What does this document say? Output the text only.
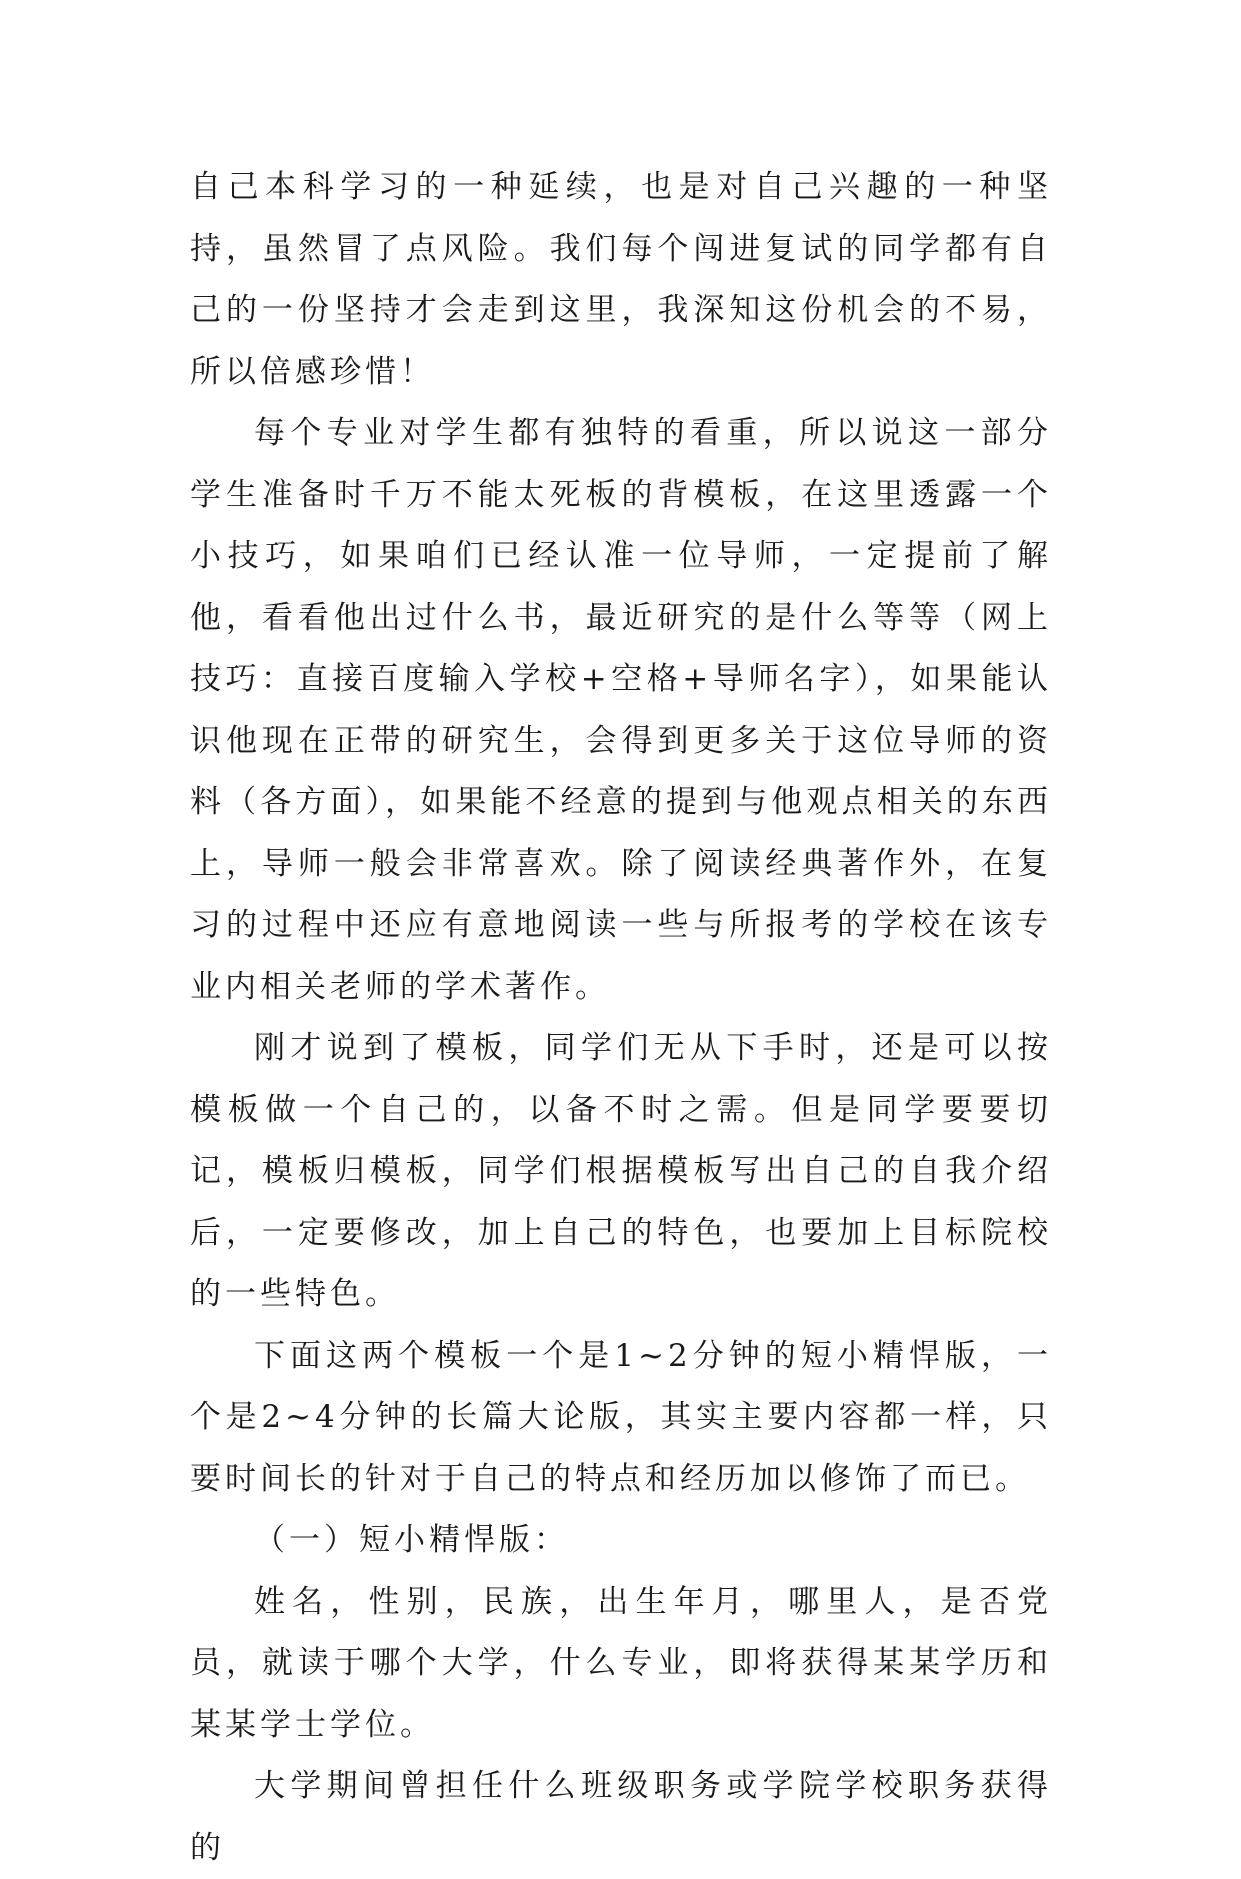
自己本科学习的一种延续，也是对自己兴趣的一种坚持，虽然冒了点风险。我们每个闯进复试的同学都有自己的一份坚持才会走到这里，我深知这份机会的不易，所以倍感珍惜！

每个专业对学生都有独特的看重，所以说这一部分学生准备时千万不能太死板的背模板，在这里透露一个小技巧，如果咱们已经认准一位导师，一定提前了解他，看看他出过什么书，最近研究的是什么等等（网上技巧：直接百度输入学校+空格+导师名字），如果能认识他现在正带的研究生，会得到更多关于这位导师的资料（各方面），如果能不经意的提到与他观点相关的东西上，导师一般会非常喜欢。除了阅读经典著作外，在复习的过程中还应有意地阅读一些与所报考的学校在该专业内相关老师的学术著作。

刚才说到了模板，同学们无从下手时，还是可以按模板做一个自己的，以备不时之需。但是同学要要切记，模板归模板，同学们根据模板写出自己的自我介绍后，一定要修改，加上自己的特色，也要加上目标院校的一些特色。

下面这两个模板一个是1~2分钟的短小精悍版，一个是2~4分钟的长篇大论版，其实主要内容都一样，只要时间长的针对于自己的特点和经历加以修饰了而已。

（一）短小精悍版：

姓名，性别，民族，出生年月，哪里人，是否党员，就读于哪个大学，什么专业，即将获得某某学历和某某学士学位。

大学期间曾担任什么班级职务或学院学校职务获得的
